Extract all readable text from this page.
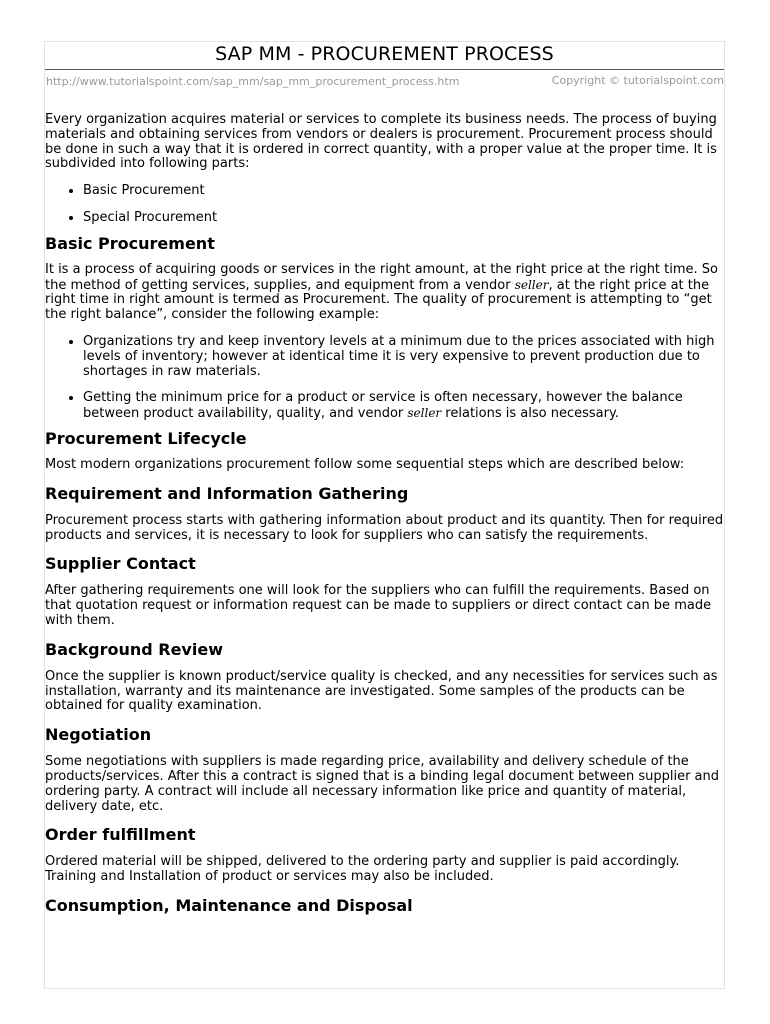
SAP MM - PROCUREMENT PROCESS
http://www.tutorialspoint.com/sap_mm/sap_mm_procurement_process.htm	Copyright © tutorialspoint.com

Every organization acquires material or services to complete its business needs. The process of buying materials and obtaining services from vendors or dealers is procurement. Procurement process should be done in such a way that it is ordered in correct quantity, with a proper value at the proper time. It is subdivided into following parts:

• Basic Procurement
• Special Procurement
Basic Procurement

It is a process of acquiring goods or services in the right amount, at the right price at the right time. So the method of getting services, supplies, and equipment from a vendor seller, at the right price at the right time in right amount is termed as Procurement. The quality of procurement is attempting to “get the right balance”, consider the following example:

• Organizations try and keep inventory levels at a minimum due to the prices associated with high levels of inventory; however at identical time it is very expensive to prevent production due to shortages in raw materials.
• Getting the minimum price for a product or service is often necessary, however the balance between product availability, quality, and vendor seller relations is also necessary.
Procurement Lifecycle

Most modern organizations procurement follow some sequential steps which are described below:

Requirement and Information Gathering

Procurement process starts with gathering information about product and its quantity. Then for required products and services, it is necessary to look for suppliers who can satisfy the requirements.

Supplier Contact

After gathering requirements one will look for the suppliers who can fulfill the requirements. Based on that quotation request or information request can be made to suppliers or direct contact can be made with them.

Background Review

Once the supplier is known product/service quality is checked, and any necessities for services such as installation, warranty and its maintenance are investigated. Some samples of the products can be obtained for quality examination.

Negotiation

Some negotiations with suppliers is made regarding price, availability and delivery schedule of the products/services. After this a contract is signed that is a binding legal document between supplier and ordering party. A contract will include all necessary information like price and quantity of material, delivery date, etc.

Order fulfillment

Ordered material will be shipped, delivered to the ordering party and supplier is paid accordingly. Training and Installation of product or services may also be included.

Consumption, Maintenance and Disposal
